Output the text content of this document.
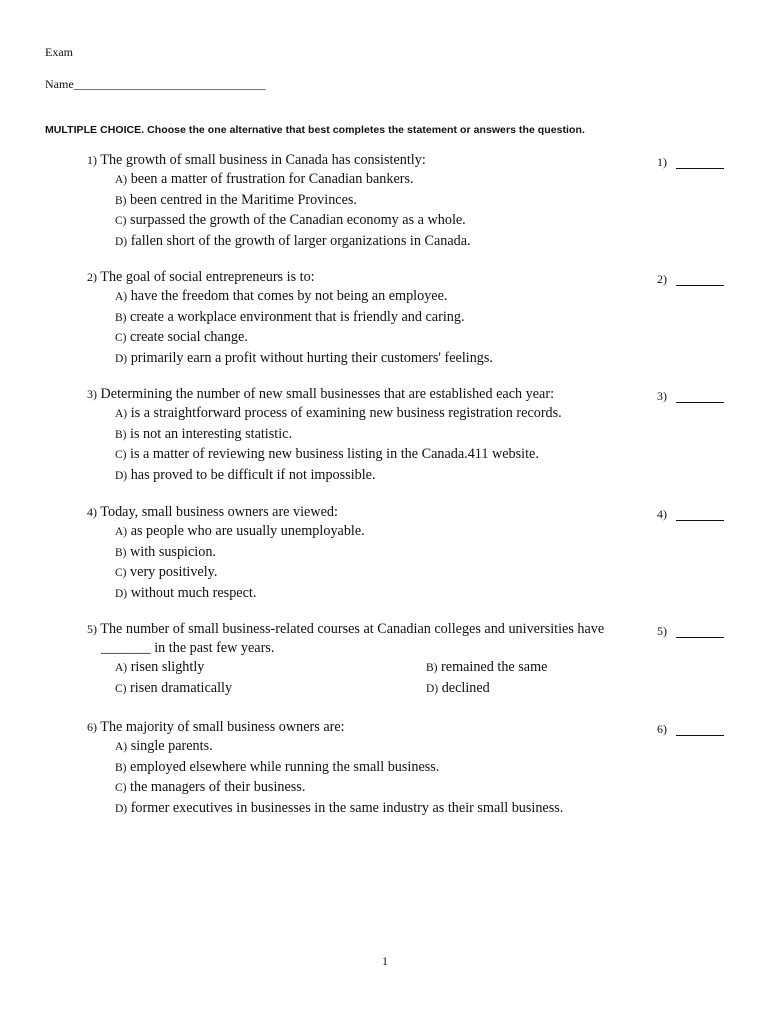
Exam
Name________________________________
MULTIPLE CHOICE. Choose the one alternative that best completes the statement or answers the question.
1) The growth of small business in Canada has consistently:
A) been a matter of frustration for Canadian bankers.
B) been centred in the Maritime Provinces.
C) surpassed the growth of the Canadian economy as a whole.
D) fallen short of the growth of larger organizations in Canada.
1)
2) The goal of social entrepreneurs is to:
A) have the freedom that comes by not being an employee.
B) create a workplace environment that is friendly and caring.
C) create social change.
D) primarily earn a profit without hurting their customers' feelings.
2)
3) Determining the number of new small businesses that are established each year:
A) is a straightforward process of examining new business registration records.
B) is not an interesting statistic.
C) is a matter of reviewing new business listing in the Canada.411 website.
D) has proved to be difficult if not impossible.
3)
4) Today, small business owners are viewed:
A) as people who are usually unemployable.
B) with suspicion.
C) very positively.
D) without much respect.
4)
5) The number of small business-related courses at Canadian colleges and universities have
_______ in the past few years.
A) risen slightly	B) remained the same
C) risen dramatically	D) declined
5)
6) The majority of small business owners are:
A) single parents.
B) employed elsewhere while running the small business.
C) the managers of their business.
D) former executives in businesses in the same industry as their small business.
6)
1
